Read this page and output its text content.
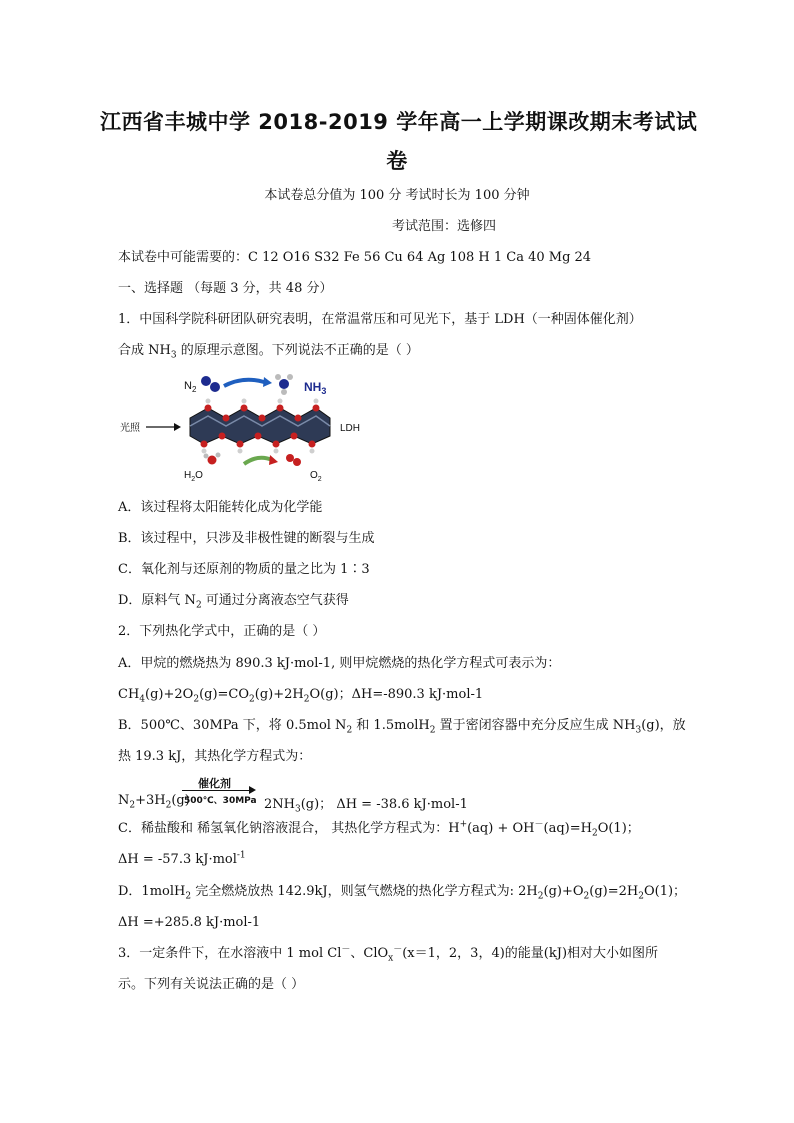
江西省丰城中学 2018-2019 学年高一上学期课改期末考试试
卷
本试卷总分值为 100 分 考试时长为 100 分钟
考试范围：选修四
本试卷中可能需要的：C 12 O16 S32 Fe 56 Cu 64 Ag 108 H 1 Ca 40 Mg 24
一、选择题 （每题 3 分，共 48 分）
1．中国科学院科研团队研究表明，在常温常压和可见光下，基于 LDH（一种固体催化剂）
合成 $NH_3$ 的原理示意图。下列说法不正确的是（ ）
$N_2$	$NH_3$
光照	LDH
$H_2O$	$O_2$
A．该过程将太阳能转化成为化学能
B．该过程中，只涉及非极性键的断裂与生成
C．氧化剂与还原剂的物质的量之比为 1∶3
D．原料气 $N_2$ 可通过分离液态空气获得
2．下列热化学式中，正确的是（ ）
A．甲烷的燃烧热为 890.3 kJ·mol-1, 则甲烷燃烧的热化学方程式可表示为：
$CH_4(g)+2O_2(g)=CO_2(g)+2H_2O(g)$；ΔH=-890.3 kJ·mol-1
B．500℃、30MPa 下，将 0.5mol $N_2$ 和 1.5molH$_2$ 置于密闭容器中充分反应生成 $NH_3(g)$，放
热 19.3 kJ，其热化学方程式为：
$N_2+3H_2(g)$
催化剂
500℃、30MPa $2NH_3(g)$； ΔH = -38.6 kJ·mol-1
C．稀盐酸和 稀氢氧化钠溶液混合， 其热化学方程式为：$H^+(aq) + OH^-(aq)=H_2O(1)$；
ΔH = -57.3 kJ·mol$^{-1}$
D．1molH$_2$ 完全燃烧放热 142.9kJ，则氢气燃烧的热化学方程式为: $2H_2(g)+O_2(g)=2H_2O(1)$；
ΔH =+285.8 kJ·mol-1
3．一定条件下，在水溶液中 1 mol Cl－、ClO$_x$－(x＝1，2，3，4)的能量(kJ)相对大小如图所
示。下列有关说法正确的是（ ）
